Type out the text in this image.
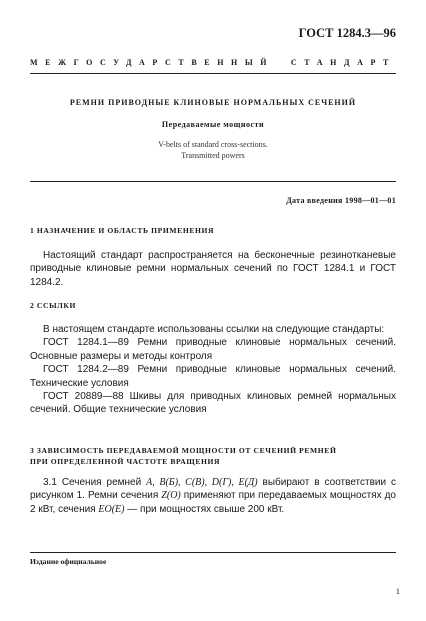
ГОСТ 1284.3—96
МЕЖГОСУДАРСТВЕННЫЙ СТАНДАРТ
РЕМНИ ПРИВОДНЫЕ КЛИНОВЫЕ НОРМАЛЬНЫХ СЕЧЕНИЙ
Передаваемые мощности
V-belts of standard cross-sections.
Transmitted powers
Дата введения 1998—01—01
1 НАЗНАЧЕНИЕ И ОБЛАСТЬ ПРИМЕНЕНИЯ

Настоящий стандарт распространяется на бесконечные резинотканевые приводные клиновые ремни нормальных сечений по ГОСТ 1284.1 и ГОСТ 1284.2.

2 ССЫЛКИ

В настоящем стандарте использованы ссылки на следующие стандарты:

ГОСТ 1284.1—89 Ремни приводные клиновые нормальных сечений. Основные размеры и методы контроля

ГОСТ 1284.2—89 Ремни приводные клиновые нормальных сечений. Технические условия

ГОСТ 20889—88 Шкивы для приводных клиновых ремней нормальных сечений. Общие технические условия

3 ЗАВИСИМОСТЬ ПЕРЕДАВАЕМОЙ МОЩНОСТИ ОТ СЕЧЕНИЙ РЕМНЕЙ
ПРИ ОПРЕДЕЛЕННОЙ ЧАСТОТЕ ВРАЩЕНИЯ

3.1 Сечения ремней A, B(Б), C(B), D(Г), E(Д) выбирают в соответствии с рисунком 1. Ремни сечения Z(O) применяют при передаваемых мощностях до 2 кВт, сечения EO(E) — при мощностях свыше 200 кВт.

Издание официальное
1
